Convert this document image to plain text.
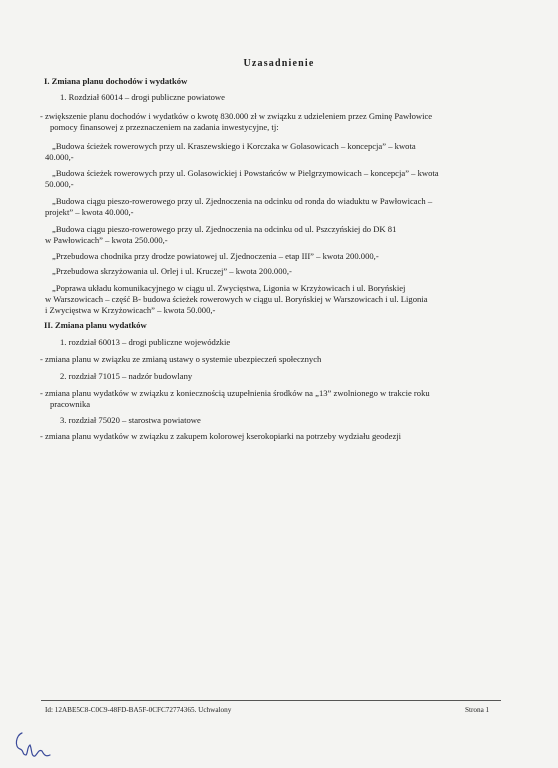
Uzasadnienie
I. Zmiana planu dochodów i wydatków
1. Rozdział 60014 – drogi publiczne powiatowe
- zwiększenie planu dochodów i wydatków o kwotę 830.000 zł w związku z udzieleniem przez Gminę Pawłowice
pomocy finansowej z przeznaczeniem na zadania inwestycyjne, tj:
„Budowa ścieżek rowerowych przy ul. Kraszewskiego i Korczaka w Golasowicach – koncepcja” – kwota
40.000,-
„Budowa ścieżek rowerowych przy ul. Golasowickiej i Powstańców w Pielgrzymowicach – koncepcja” – kwota
50.000,-
„Budowa ciągu pieszo-rowerowego przy ul. Zjednoczenia na odcinku od ronda do wiaduktu w Pawłowicach –
projekt” – kwota 40.000,-
„Budowa ciągu pieszo-rowerowego przy ul. Zjednoczenia na odcinku od ul. Pszczyńskiej do DK 81
w Pawłowicach” – kwota 250.000,-
„Przebudowa chodnika przy drodze powiatowej ul. Zjednoczenia – etap III” – kwota 200.000,-
„Przebudowa skrzyżowania ul. Orlej i ul. Kruczej” – kwota 200.000,-
„Poprawa układu komunikacyjnego w ciągu ul. Zwycięstwa, Ligonia w Krzyżowicach i ul. Boryńskiej
w Warszowicach – część B- budowa ścieżek rowerowych w ciągu ul. Boryńskiej w Warszowicach i ul. Ligonia
i Zwycięstwa w Krzyżowicach” – kwota 50.000,-
II. Zmiana planu wydatków
1. rozdział 60013 – drogi publiczne wojewódzkie
- zmiana planu w związku ze zmianą ustawy o systemie ubezpieczeń społecznych
2. rozdział 71015 – nadzór budowlany
- zmiana planu wydatków w związku z koniecznością uzupełnienia środków na „13” zwolnionego w trakcie roku
pracownika
3. rozdział 75020 – starostwa powiatowe
- zmiana planu wydatków w związku z zakupem kolorowej kserokopiarki na potrzeby wydziału geodezji
Id: 12ABE5C8-C0C9-48FD-BA5F-0CFC72774365. Uchwalony	Strona 1
